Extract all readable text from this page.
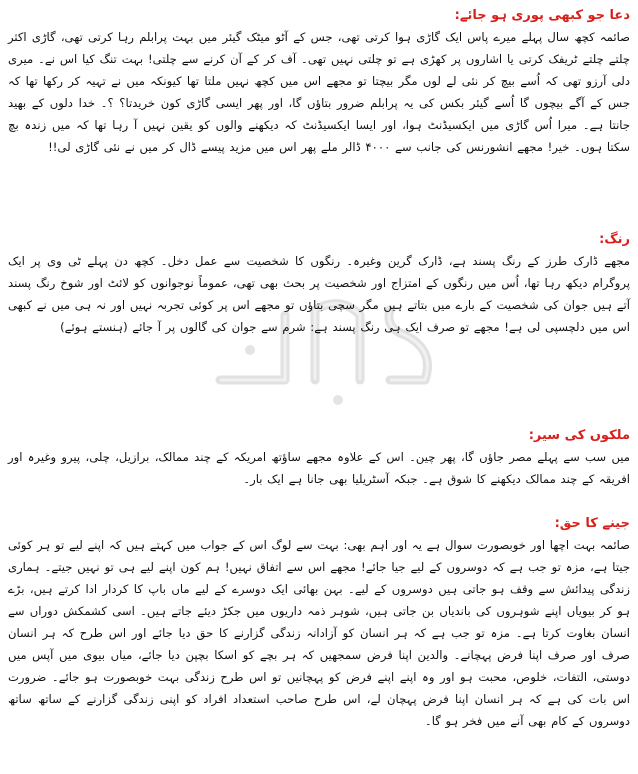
دعا جو کبھی پوری ہو جائے:

صائمہ کچھ سال پہلے میرے پاس ایک گاڑی ہوا کرتی تھی، جس کے آٹو میٹک گیئر میں بہت پرابلم رہا کرتی تھی، گاڑی اکثر چلتے چلتے ٹریفک کرتی یا اشاروں پر کھڑی ہے تو چلتی نہیں تھی۔ آف کر کے آن کرنے سے چلتی! بہت تنگ کیا اس نے۔ میری دلی آرزو تھی کہ اُسے بیچ کر نئی لے لوں مگر بیچتا تو مجھے اس میں کچھ نہیں ملتا تھا کیونکہ میں نے تہیہ کر رکھا تھا کہ جس کے آگے بیچوں گا اُسے گیئر بکس کی یہ پرابلم ضرور بتاؤں گا، اور پھر ایسی گاڑی کون خریدتا؟ ؟۔ خدا دلوں کے بھید جانتا ہے۔ میرا اُس گاڑی میں ایکسیڈنٹ ہوا، اور ایسا ایکسیڈنٹ کہ دیکھنے والوں کو یقین نہیں آ رہا تھا کہ میں زندہ بچ سکتا ہوں۔ خیر! مجھے انشورنس کی جانب سے ۴۰۰۰ ڈالر ملے پھر اس میں مزید پیسے ڈال کر میں نے نئی گاڑی لی!!

رنگ:

مجھے ڈارک طرز کے رنگ پسند ہے، ڈارک گرین وغیرہ۔ رنگوں کا شخصیت سے عمل دخل۔ کچھ دن پہلے ٹی وی پر ایک پروگرام دیکھ رہا تھا، اُس میں رنگوں کے امتزاج اور شخصیت پر بحث بھی تھی، عموماً نوجوانوں کو لائٹ اور شوخ رنگ پسند آتے ہیں جوان کی شخصیت کے بارے میں بتاتے ہیں مگر سچی بتاؤں تو مجھے اس پر کوئی تجربہ نہیں اور نہ ہی میں نے کبھی اس میں دلچسپی لی ہے! مجھے تو صرف ایک ہی رنگ پسند ہے: شرم سے جوان کی گالوں پر آ جائے (ہنستے ہوئے)

ملکوں کی سیر:

میں سب سے پہلے مصر جاؤں گا، پھر چین۔ اس کے علاوہ مجھے ساؤتھ امریکہ کے چند ممالک، برازیل، چلی، پیرو وغیرہ اور افریقہ کے چند ممالک دیکھنے کا شوق ہے۔ جبکہ آسٹریلیا بھی جانا ہے ایک بار۔

جینے کا حق:

صائمہ بہت اچھا اور خوبصورت سوال ہے یہ اور اہم بھی: بہت سے لوگ اس کے جواب میں کہتے ہیں کہ اپنے لیے تو ہر کوئی جیتا ہے، مزہ تو جب ہے کہ دوسروں کے لیے جیا جائے! مجھے اس سے اتفاق نہیں! ہم کون اپنے لیے ہی تو نہیں جیتے۔ ہماری زندگی پیدائش سے وقف ہو جاتی ہیں دوسروں کے لیے۔ بہن بھائی ایک دوسرے کے لیے ماں باپ کا کردار ادا کرتے ہیں، بڑے ہو کر بیویاں اپنے شوہروں کی باندیاں بن جاتی ہیں، شوہر ذمہ داریوں میں جکڑ دیئے جاتے ہیں۔ اسی کشمکش دوراں سے انسان بغاوت کرتا ہے۔ مزہ تو جب ہے کہ ہر انسان کو آزادانہ زندگی گزارنے کا حق دیا جائے اور اس طرح کہ ہر انسان صرف اور صرف اپنا فرض پہچانے۔ والدین اپنا فرض سمجھیں کہ ہر بچے کو اسکا بچپن دیا جائے، میاں بیوی میں آپس میں دوستی، التفات، خلوص، محبت ہو اور وہ اپنے اپنے فرض کو پہچانیں تو اس طرح زندگی بہت خوبصورت ہو جائے۔ ضرورت اس بات کی ہے کہ ہر انسان اپنا فرض پہچان لے، اس طرح صاحب استعداد افراد کو اپنی زندگی گزارنے کے ساتھ ساتھ دوسروں کے کام بھی آنے میں فخر ہو گا۔
